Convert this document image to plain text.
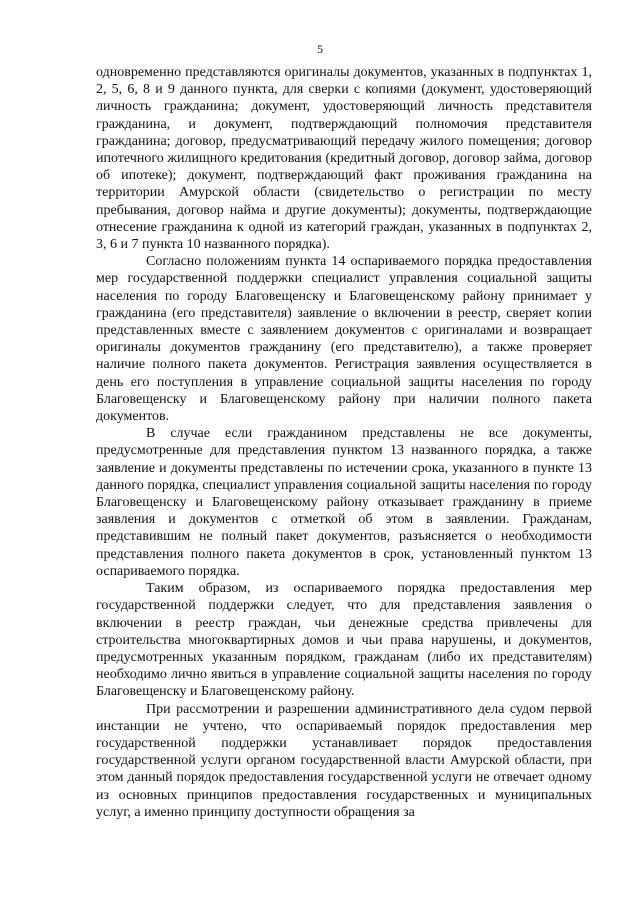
5

одновременно представляются оригиналы документов, указанных в подпунктах 1, 2, 5, 6, 8 и 9 данного пункта, для сверки с копиями (документ, удостоверяющий личность гражданина; документ, удостоверяющий личность представителя гражданина, и документ, подтверждающий полномочия представителя гражданина; договор, предусматривающий передачу жилого помещения; договор ипотечного жилищного кредитования (кредитный договор, договор займа, договор об ипотеке); документ, подтверждающий факт проживания гражданина на территории Амурской области (свидетельство о регистрации по месту пребывания, договор найма и другие документы); документы, подтверждающие отнесение гражданина к одной из категорий граждан, указанных в подпунктах 2, 3, 6 и 7 пункта 10 названного порядка).

Согласно положениям пункта 14 оспариваемого порядка предоставления мер государственной поддержки специалист управления социальной защиты населения по городу Благовещенску и Благовещенскому району принимает у гражданина (его представителя) заявление о включении в реестр, сверяет копии представленных вместе с заявлением документов с оригиналами и возвращает оригиналы документов гражданину (его представителю), а также проверяет наличие полного пакета документов. Регистрация заявления осуществляется в день его поступления в управление социальной защиты населения по городу Благовещенску и Благовещенскому району при наличии полного пакета документов.

В случае если гражданином представлены не все документы, предусмотренные для представления пунктом 13 названного порядка, а также заявление и документы представлены по истечении срока, указанного в пункте 13 данного порядка, специалист управления социальной защиты населения по городу Благовещенску и Благовещенскому району отказывает гражданину в приеме заявления и документов с отметкой об этом в заявлении. Гражданам, представившим не полный пакет документов, разъясняется о необходимости представления полного пакета документов в срок, установленный пунктом 13 оспариваемого порядка.

Таким образом, из оспариваемого порядка предоставления мер государственной поддержки следует, что для представления заявления о включении в реестр граждан, чьи денежные средства привлечены для строительства многоквартирных домов и чьи права нарушены, и документов, предусмотренных указанным порядком, гражданам (либо их представителям) необходимо лично явиться в управление социальной защиты населения по городу Благовещенску и Благовещенскому району.

При рассмотрении и разрешении административного дела судом первой инстанции не учтено, что оспариваемый порядок предоставления мер государственной поддержки устанавливает порядок предоставления государственной услуги органом государственной власти Амурской области, при этом данный порядок предоставления государственной услуги не отвечает одному из основных принципов предоставления государственных и муниципальных услуг, а именно принципу доступности обращения за
